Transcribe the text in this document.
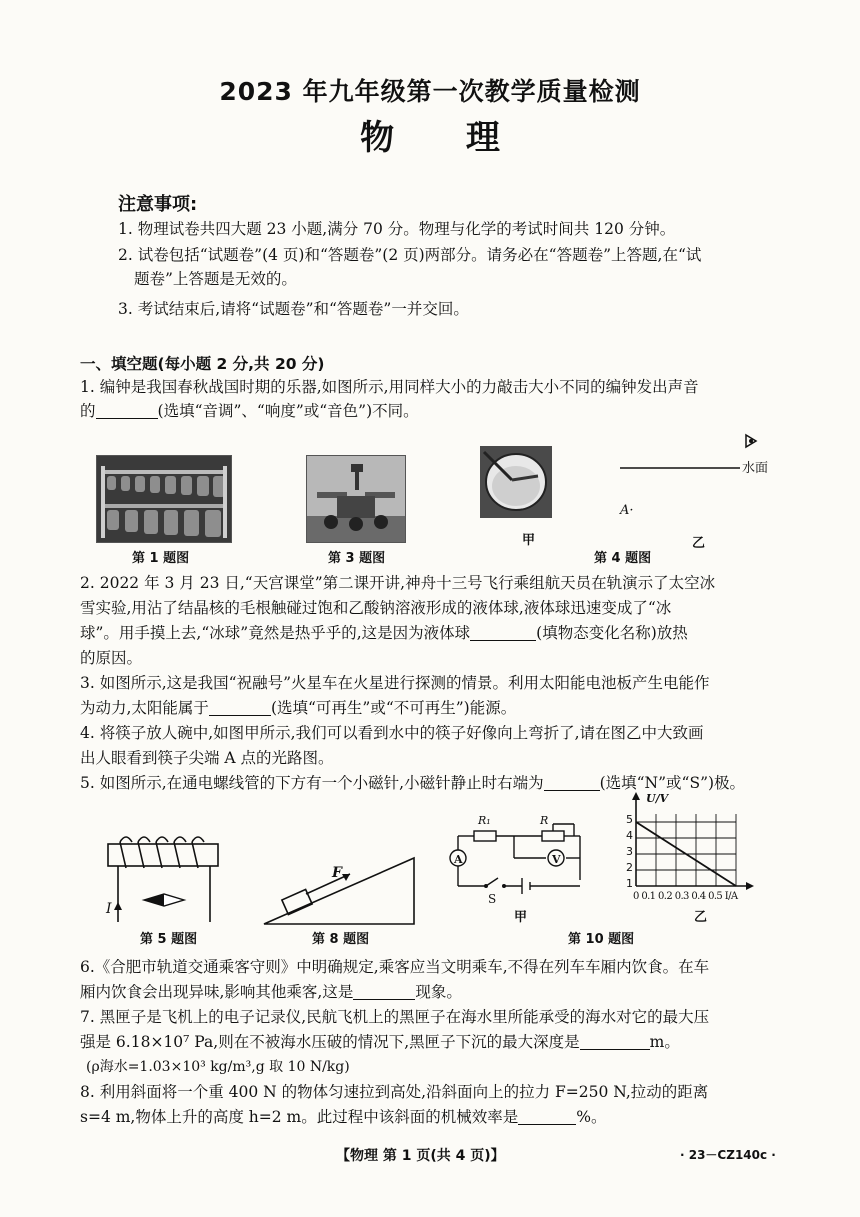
2023 年九年级第一次教学质量检测
物 理
注意事项:
1. 物理试卷共四大题 23 小题,满分 70 分。物理与化学的考试时间共 120 分钟。
2. 试卷包括“试题卷”(4 页)和“答题卷”(2 页)两部分。请务必在“答题卷”上答题,在“试
题卷”上答题是无效的。
3. 考试结束后,请将“试题卷”和“答题卷”一并交回。
一、填空题(每小题 2 分,共 20 分)
1. 编钟是我国春秋战国时期的乐器,如图所示,用同样大小的力敲击大小不同的编钟发出声音
的	(选填“音调”、“响度”或“音色”)不同。
第 1 题图	第 3 题图
甲
水面
A·
第 4 题图
乙
2. 2022 年 3 月 23 日,“天宫课堂”第二课开讲,神舟十三号飞行乘组航天员在轨演示了太空冰
雪实验,用沾了结晶核的毛根触碰过饱和乙酸钠溶液形成的液体球,液体球迅速变成了“冰
球”。用手摸上去,“冰球”竟然是热乎乎的,这是因为液体球	(填物态变化名称)放热
的原因。
3. 如图所示,这是我国“祝融号”火星车在火星进行探测的情景。利用太阳能电池板产生电能作
为动力,太阳能属于	(选填“可再生”或“不可再生”)能源。
4. 将筷子放人碗中,如图甲所示,我们可以看到水中的筷子好像向上弯折了,请在图乙中大致画
出人眼看到筷子尖端 A 点的光路图。
5. 如图所示,在通电螺线管的下方有一个小磁针,小磁针静止时右端为	(选填“N”或“S”)极。
I
第 5 题图
F
第 8 题图
A	V
R₁	R
S
甲
U/V
5
4
3
2
1
0 0.1 0.2 0.3 0.4 0.5 I/A
乙
第 10 题图
6.《合肥市轨道交通乘客守则》中明确规定,乘客应当文明乘车,不得在列车车厢内饮食。在车
厢内饮食会出现异味,影响其他乘客,这是	现象。
7. 黑匣子是飞机上的电子记录仪,民航飞机上的黑匣子在海水里所能承受的海水对它的最大压
强是 6.18×10⁷ Pa,则在不被海水压破的情况下,黑匣子下沉的最大深度是	m。
(ρ海水=1.03×10³ kg/m³,g 取 10 N/kg)
8. 利用斜面将一个重 400 N 的物体匀速拉到高处,沿斜面向上的拉力 F=250 N,拉动的距离
s=4 m,物体上升的高度 h=2 m。此过程中该斜面的机械效率是	%。
【物理 第 1 页(共 4 页)】	· 23－CZ140c ·
